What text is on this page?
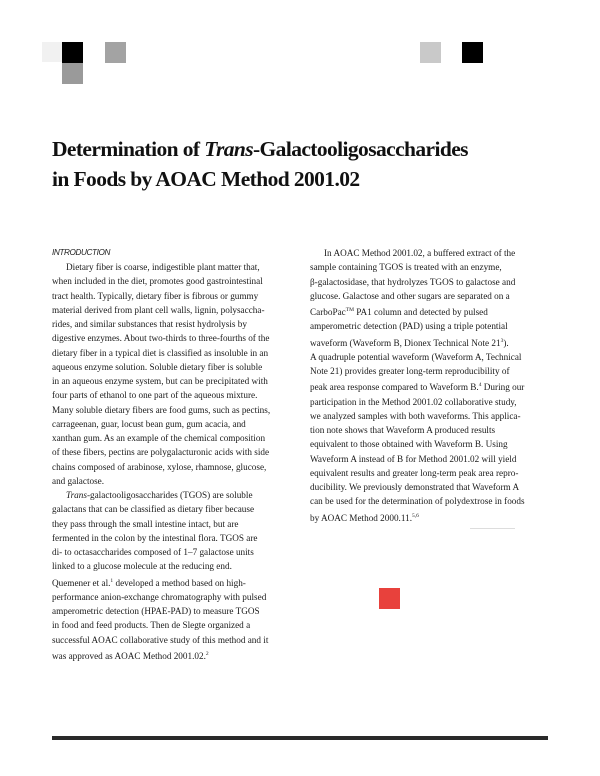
Determination of Trans-Galactooligosaccharides
in Foods by AOAC Method 2001.02
INTRODUCTION
Dietary fiber is coarse, indigestible plant matter that,
when included in the diet, promotes good gastrointestinal
tract health. Typically, dietary fiber is fibrous or gummy
material derived from plant cell walls, lignin, polysaccha-
rides, and similar substances that resist hydrolysis by
digestive enzymes. About two-thirds to three-fourths of the
dietary fiber in a typical diet is classified as insoluble in an
aqueous enzyme solution. Soluble dietary fiber is soluble
in an aqueous enzyme system, but can be precipitated with
four parts of ethanol to one part of the aqueous mixture.
Many soluble dietary fibers are food gums, such as pectins,
carrageenan, guar, locust bean gum, gum acacia, and
xanthan gum. As an example of the chemical composition
of these fibers, pectins are polygalacturonic acids with side
chains composed of arabinose, xylose, rhamnose, glucose,
and galactose.
Trans-galactooligosaccharides (TGOS) are soluble
galactans that can be classified as dietary fiber because
they pass through the small intestine intact, but are
fermented in the colon by the intestinal flora. TGOS are
di- to octasaccharides composed of 1–7 galactose units
linked to a glucose molecule at the reducing end.
Quemener et al.$^1$ developed a method based on high-
performance anion-exchange chromatography with pulsed
amperometric detection (HPAE-PAD) to measure TGOS
in food and feed products. Then de Slegte organized a
successful AOAC collaborative study of this method and it
was approved as AOAC Method 2001.02.$^2$
In AOAC Method 2001.02, a buffered extract of the
sample containing TGOS is treated with an enzyme,
β-galactosidase, that hydrolyzes TGOS to galactose and
glucose. Galactose and other sugars are separated on a
CarboPac™ PA1 column and detected by pulsed
amperometric detection (PAD) using a triple potential
waveform (Waveform B, Dionex Technical Note $21^3$).
A quadruple potential waveform (Waveform A, Technical
Note 21) provides greater long-term reproducibility of
peak area response compared to Waveform B.$^4$ During our
participation in the Method 2001.02 collaborative study,
we analyzed samples with both waveforms. This applica-
tion note shows that Waveform A produced results
equivalent to those obtained with Waveform B. Using
Waveform A instead of B for Method 2001.02 will yield
equivalent results and greater long-term peak area repro-
ducibility. We previously demonstrated that Waveform A
can be used for the determination of polydextrose in foods
by AOAC Method 2000.11.$^{5,6}$
